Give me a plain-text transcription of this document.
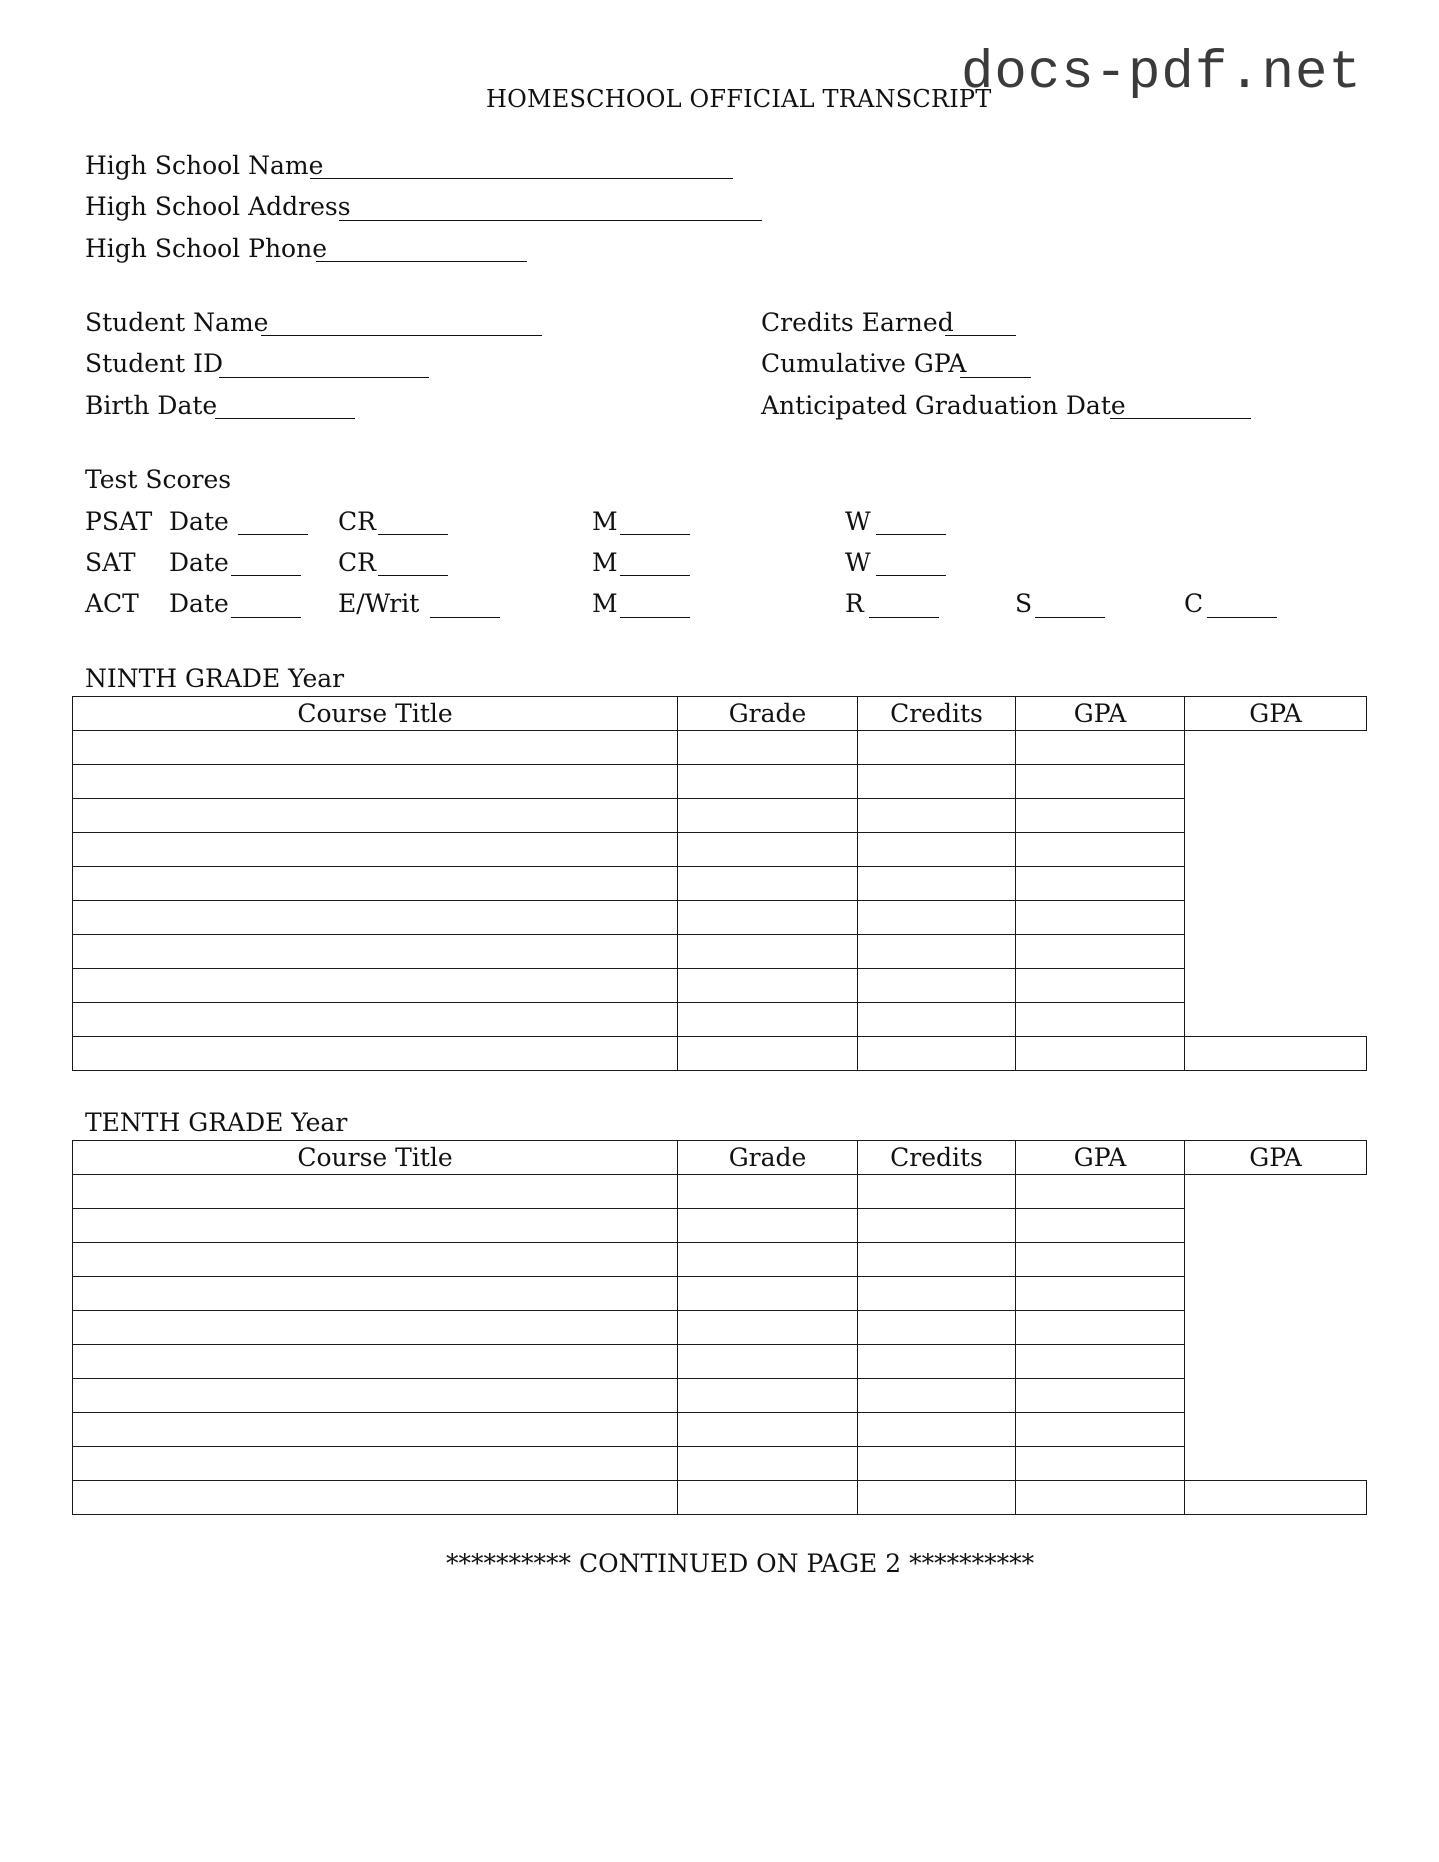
docs-pdf.net
HOMESCHOOL OFFICIAL TRANSCRIPT
High School Name
High School Address
High School Phone
Student Name
Student ID
Birth Date
Credits Earned
Cumulative GPA
Anticipated Graduation Date
Test Scores
PSAT Date	CR	M	W
SAT Date	CR	M	W
ACT Date	E/Writ	M	R	S	C
NINTH GRADE Year
Course Title	Grade	Credits	GPA	GPA

TENTH GRADE Year
Course Title	Grade	Credits	GPA	GPA

********** CONTINUED ON PAGE 2 **********
